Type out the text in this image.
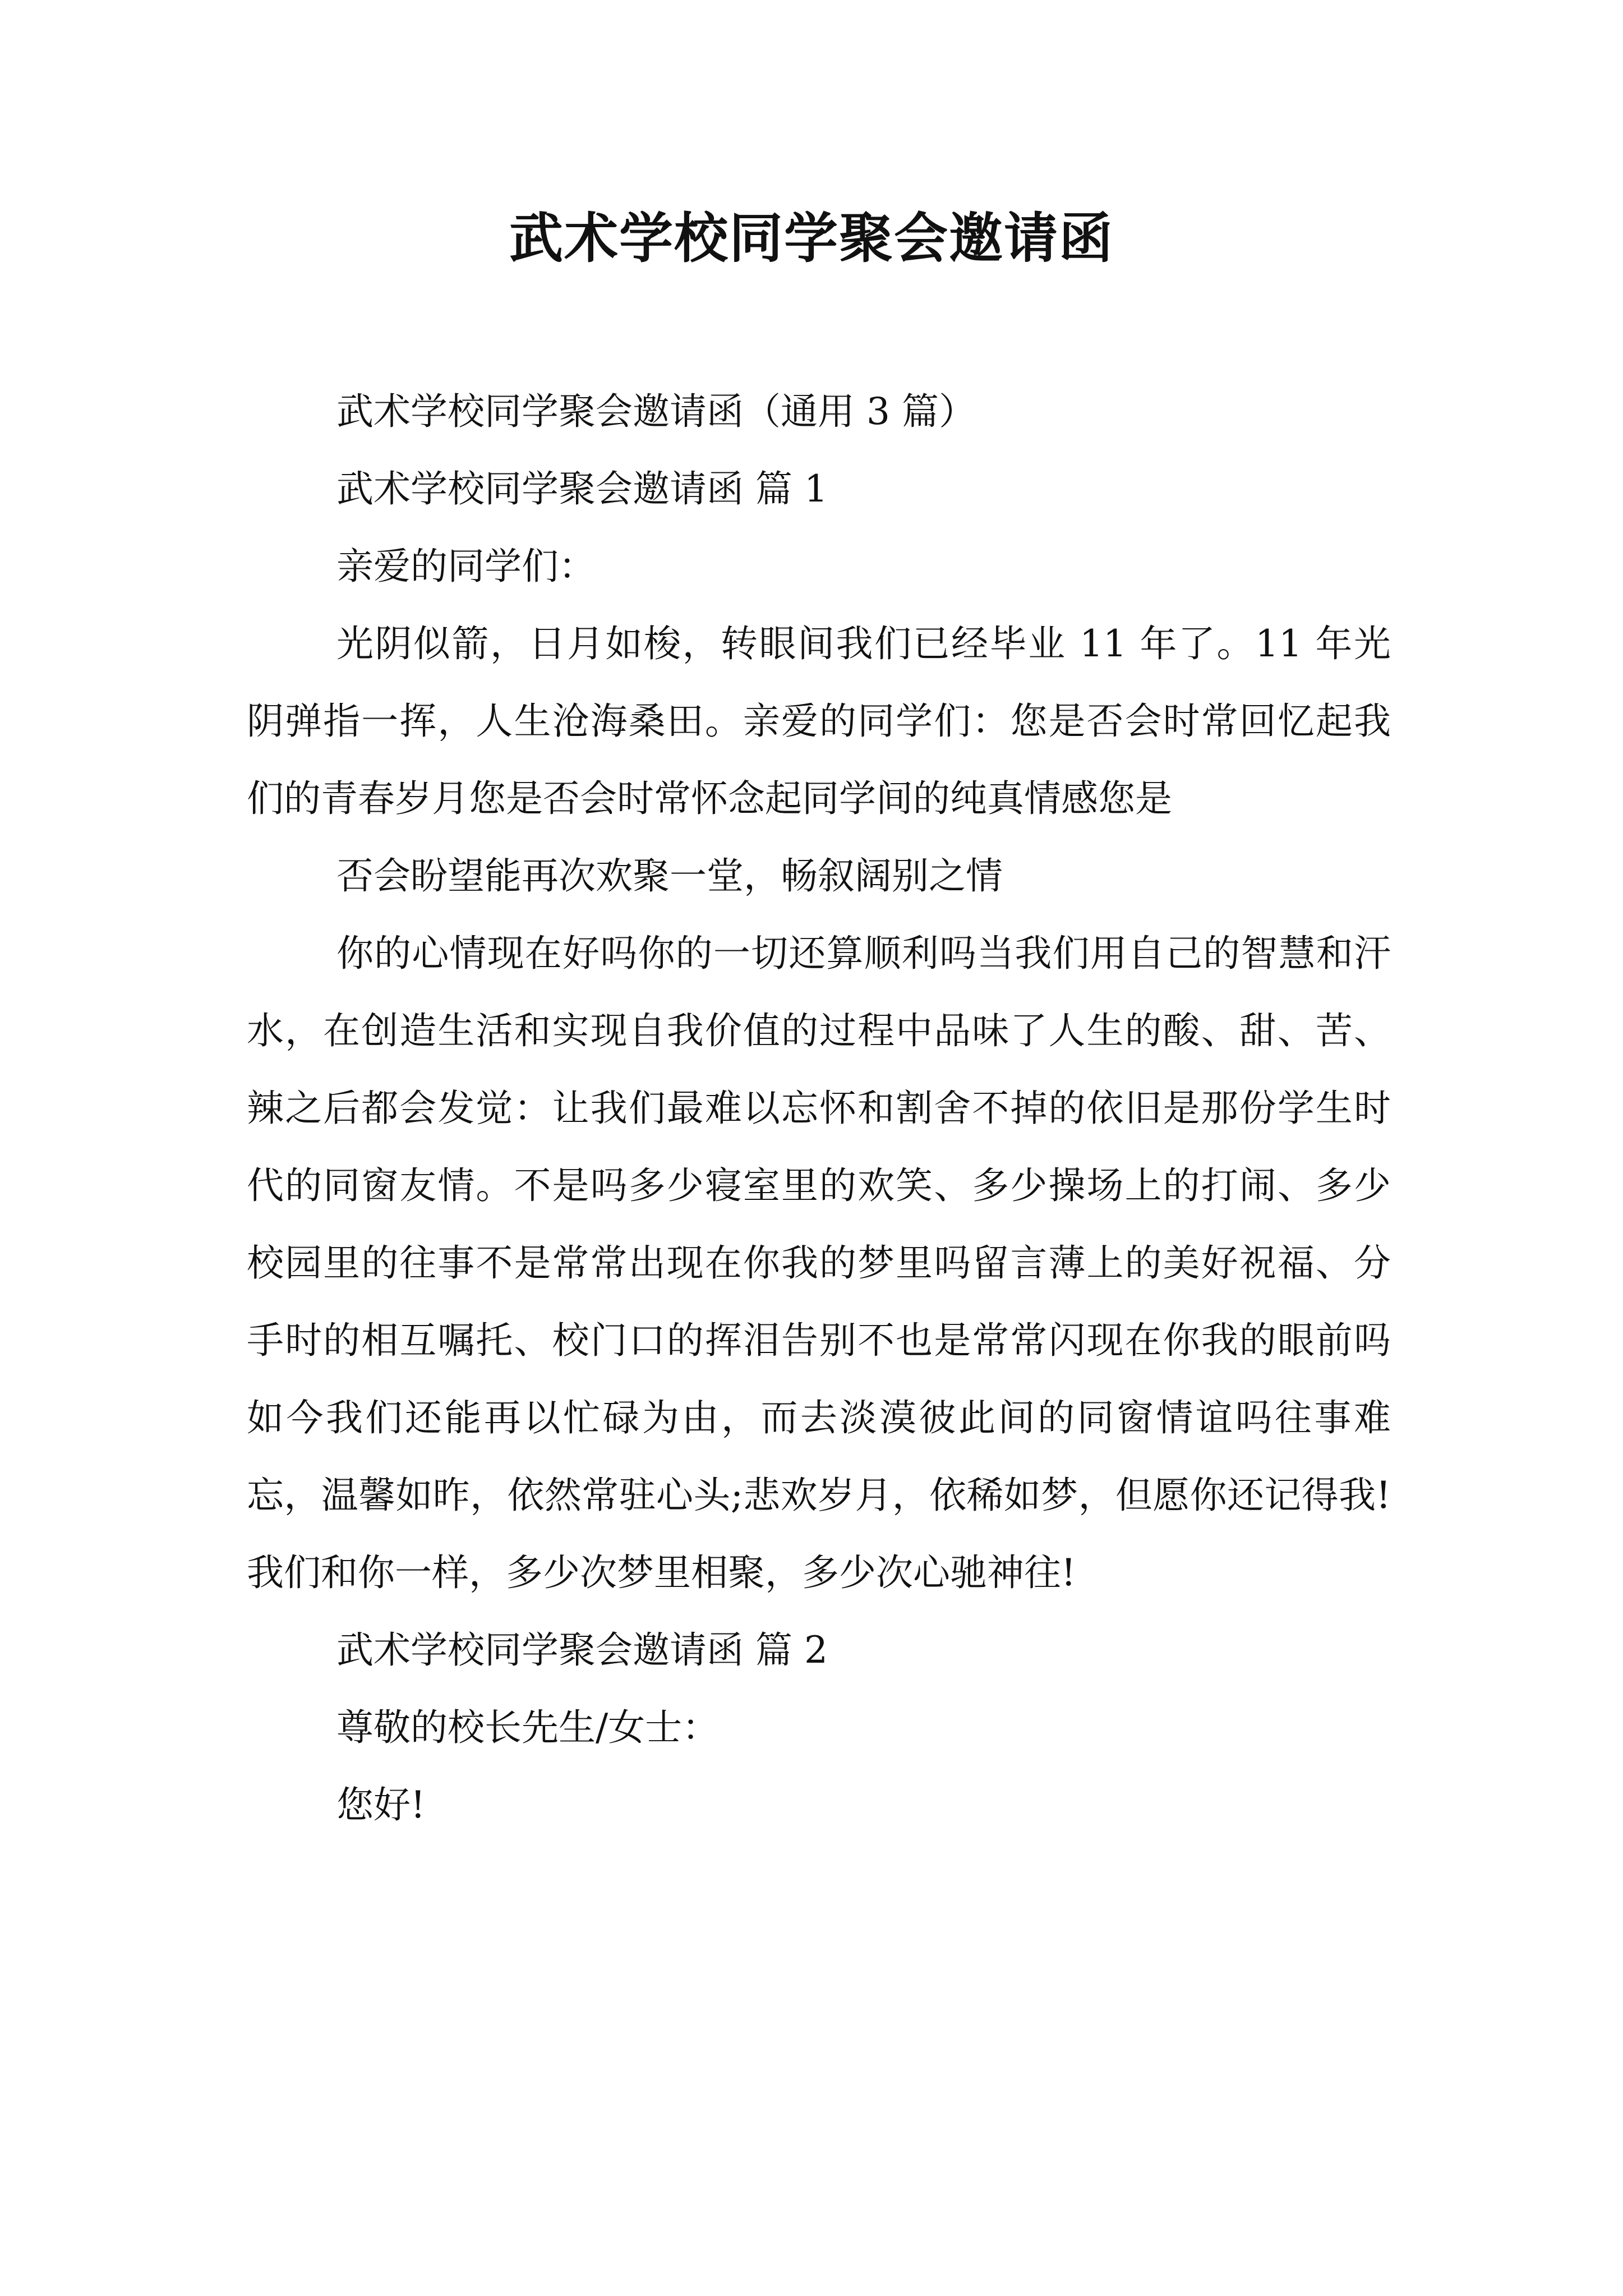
武术学校同学聚会邀请函

武术学校同学聚会邀请函（通用 3 篇）

武术学校同学聚会邀请函 篇 1

亲爱的同学们：

光阴似箭，日月如梭，转眼间我们已经毕业 11 年了。11 年光阴弹指一挥，人生沧海桑田。亲爱的同学们：您是否会时常回忆起我们的青春岁月您是否会时常怀念起同学间的纯真情感您是

否会盼望能再次欢聚一堂，畅叙阔别之情

你的心情现在好吗你的一切还算顺利吗当我们用自己的智慧和汗水，在创造生活和实现自我价值的过程中品味了人生的酸、甜、苦、辣之后都会发觉：让我们最难以忘怀和割舍不掉的依旧是那份学生时代的同窗友情。不是吗多少寝室里的欢笑、多少操场上的打闹、多少校园里的往事不是常常出现在你我的梦里吗留言薄上的美好祝福、分手时的相互嘱托、校门口的挥泪告别不也是常常闪现在你我的眼前吗如今我们还能再以忙碌为由，而去淡漠彼此间的同窗情谊吗往事难忘，温馨如昨，依然常驻心头;悲欢岁月，依稀如梦，但愿你还记得我!我们和你一样，多少次梦里相聚，多少次心驰神往!

武术学校同学聚会邀请函 篇 2

尊敬的校长先生/女士：

您好!
